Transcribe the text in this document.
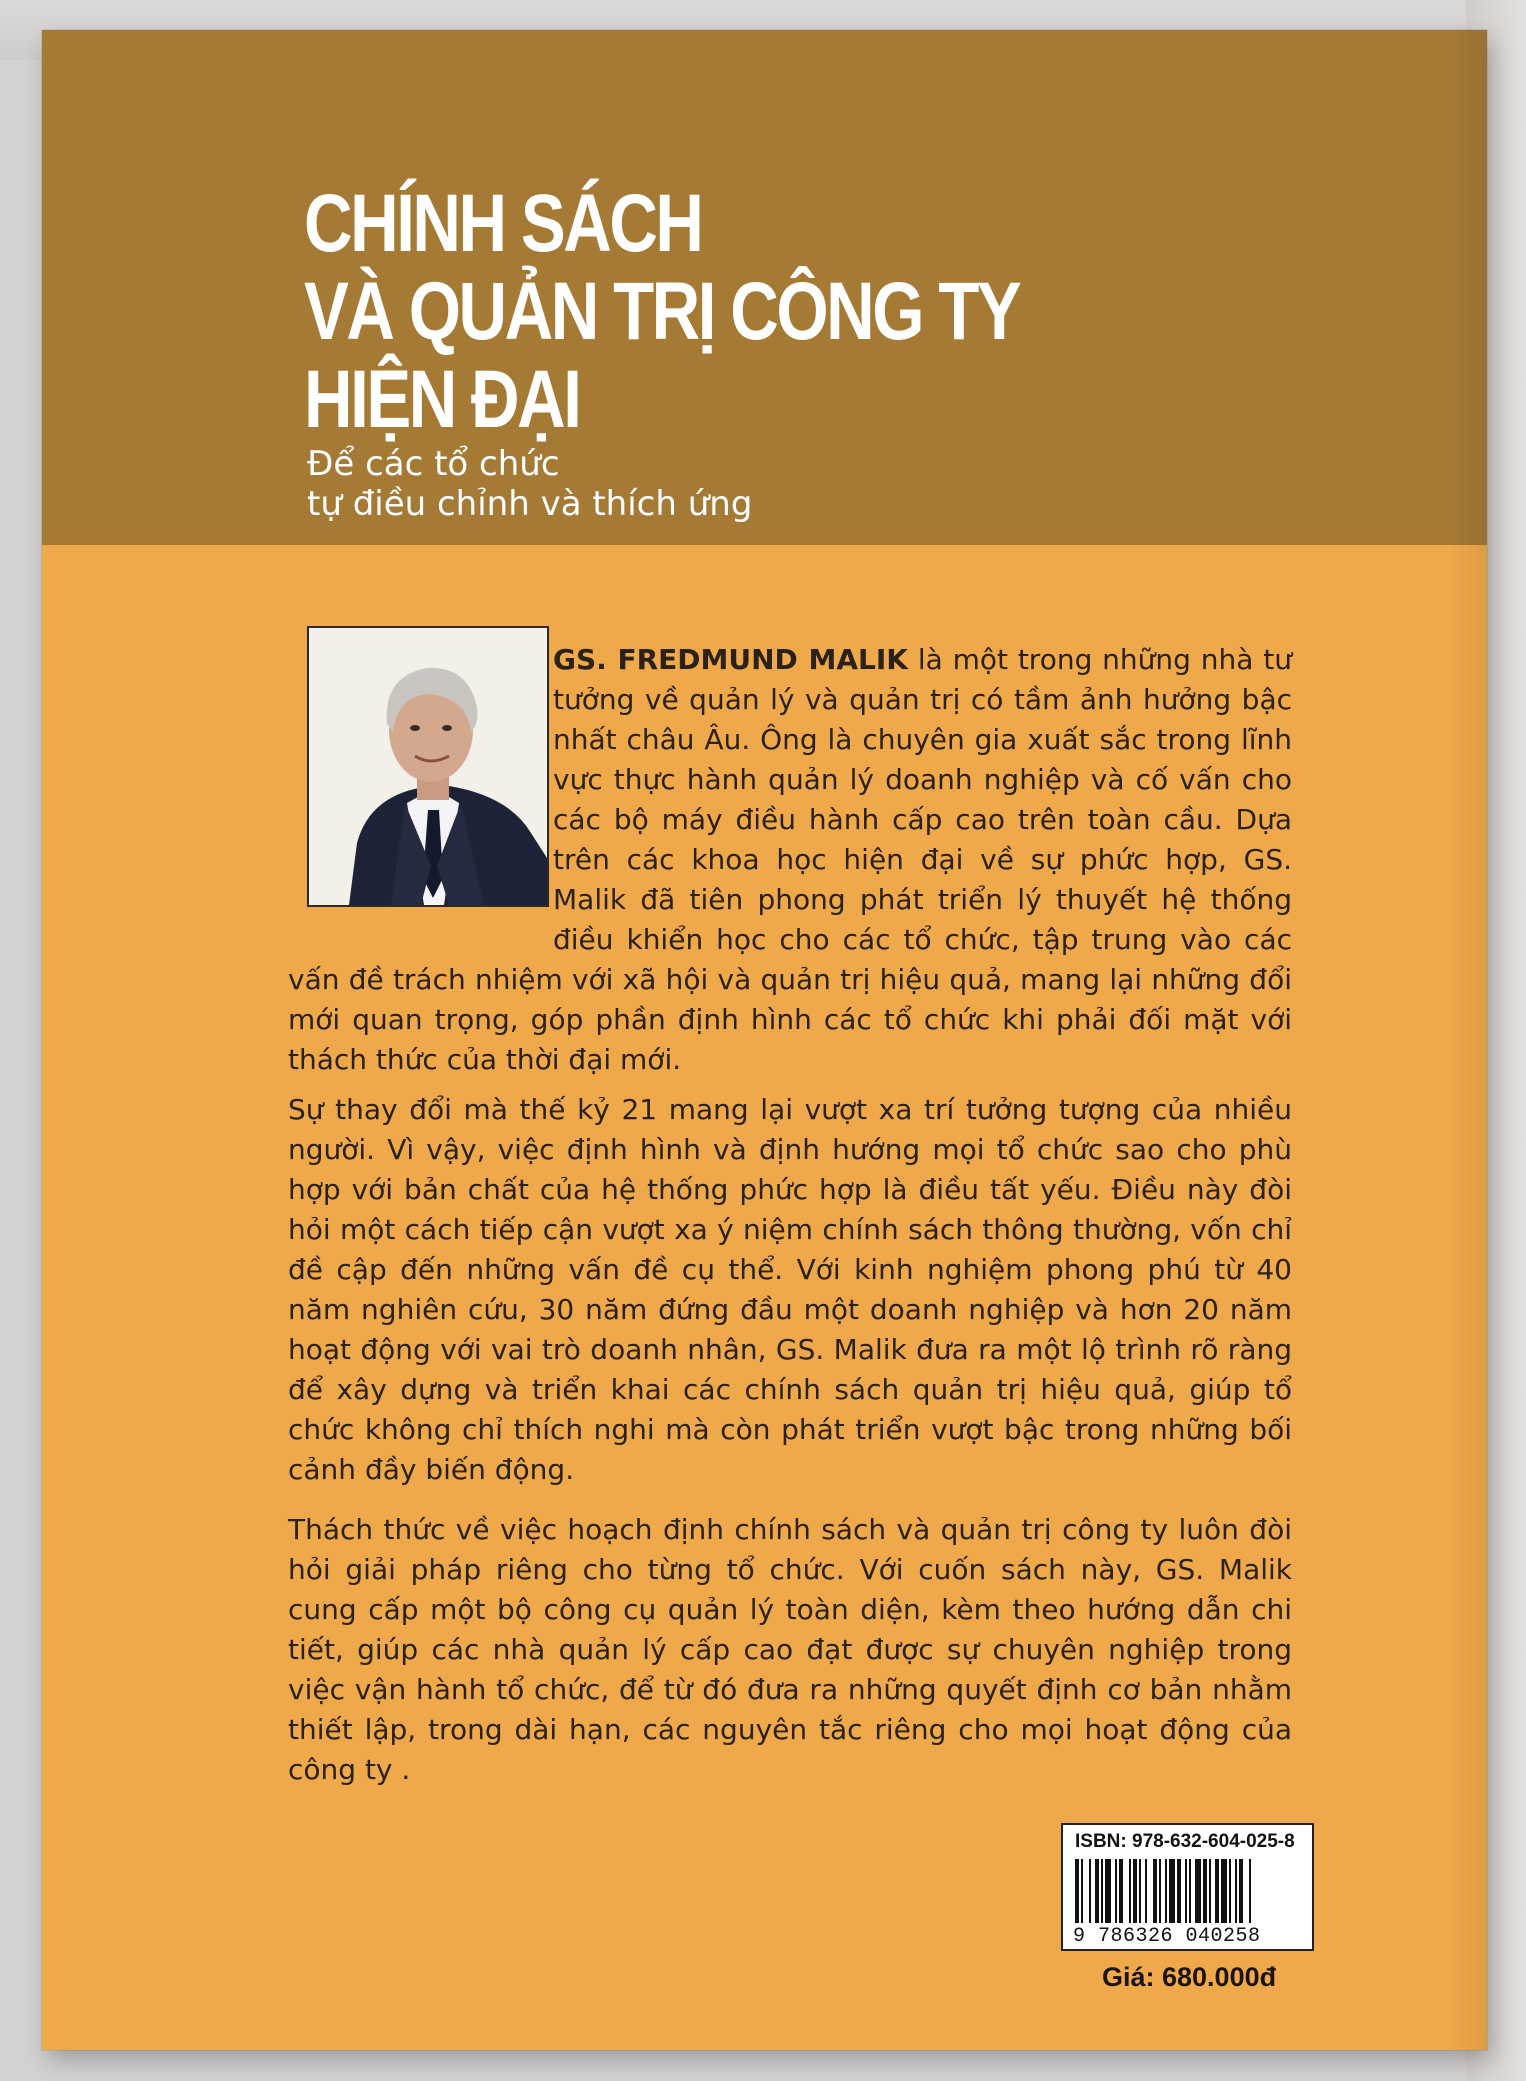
CHÍNH SÁCH
VÀ QUẢN TRỊ CÔNG TY
HIỆN ĐẠI

Để các tổ chức
tự điều chỉnh và thích ứng

GS. FREDMUND MALIK là một trong những nhà tư tưởng về quản lý và quản trị có tầm ảnh hưởng bậc nhất châu Âu. Ông là chuyên gia xuất sắc trong lĩnh vực thực hành quản lý doanh nghiệp và cố vấn cho các bộ máy điều hành cấp cao trên toàn cầu. Dựa trên các khoa học hiện đại về sự phức hợp, GS. Malik đã tiên phong phát triển lý thuyết hệ thống điều khiển học cho các tổ chức, tập trung vào các vấn đề trách nhiệm với xã hội và quản trị hiệu quả, mang lại những đổi mới quan trọng, góp phần định hình các tổ chức khi phải đối mặt với thách thức của thời đại mới.

Sự thay đổi mà thế kỷ 21 mang lại vượt xa trí tưởng tượng của nhiều người. Vì vậy, việc định hình và định hướng mọi tổ chức sao cho phù hợp với bản chất của hệ thống phức hợp là điều tất yếu. Điều này đòi hỏi một cách tiếp cận vượt xa ý niệm chính sách thông thường, vốn chỉ đề cập đến những vấn đề cụ thể. Với kinh nghiệm phong phú từ 40 năm nghiên cứu, 30 năm đứng đầu một doanh nghiệp và hơn 20 năm hoạt động với vai trò doanh nhân, GS. Malik đưa ra một lộ trình rõ ràng để xây dựng và triển khai các chính sách quản trị hiệu quả, giúp tổ chức không chỉ thích nghi mà còn phát triển vượt bậc trong những bối cảnh đầy biến động.

Thách thức về việc hoạch định chính sách và quản trị công ty luôn đòi hỏi giải pháp riêng cho từng tổ chức. Với cuốn sách này, GS. Malik cung cấp một bộ công cụ quản lý toàn diện, kèm theo hướng dẫn chi tiết, giúp các nhà quản lý cấp cao đạt được sự chuyên nghiệp trong việc vận hành tổ chức, để từ đó đưa ra những quyết định cơ bản nhằm thiết lập, trong dài hạn, các nguyên tắc riêng cho mọi hoạt động của công ty .

ISBN: 978-632-604-025-8
9 786326 040258
Giá: 680.000đ
